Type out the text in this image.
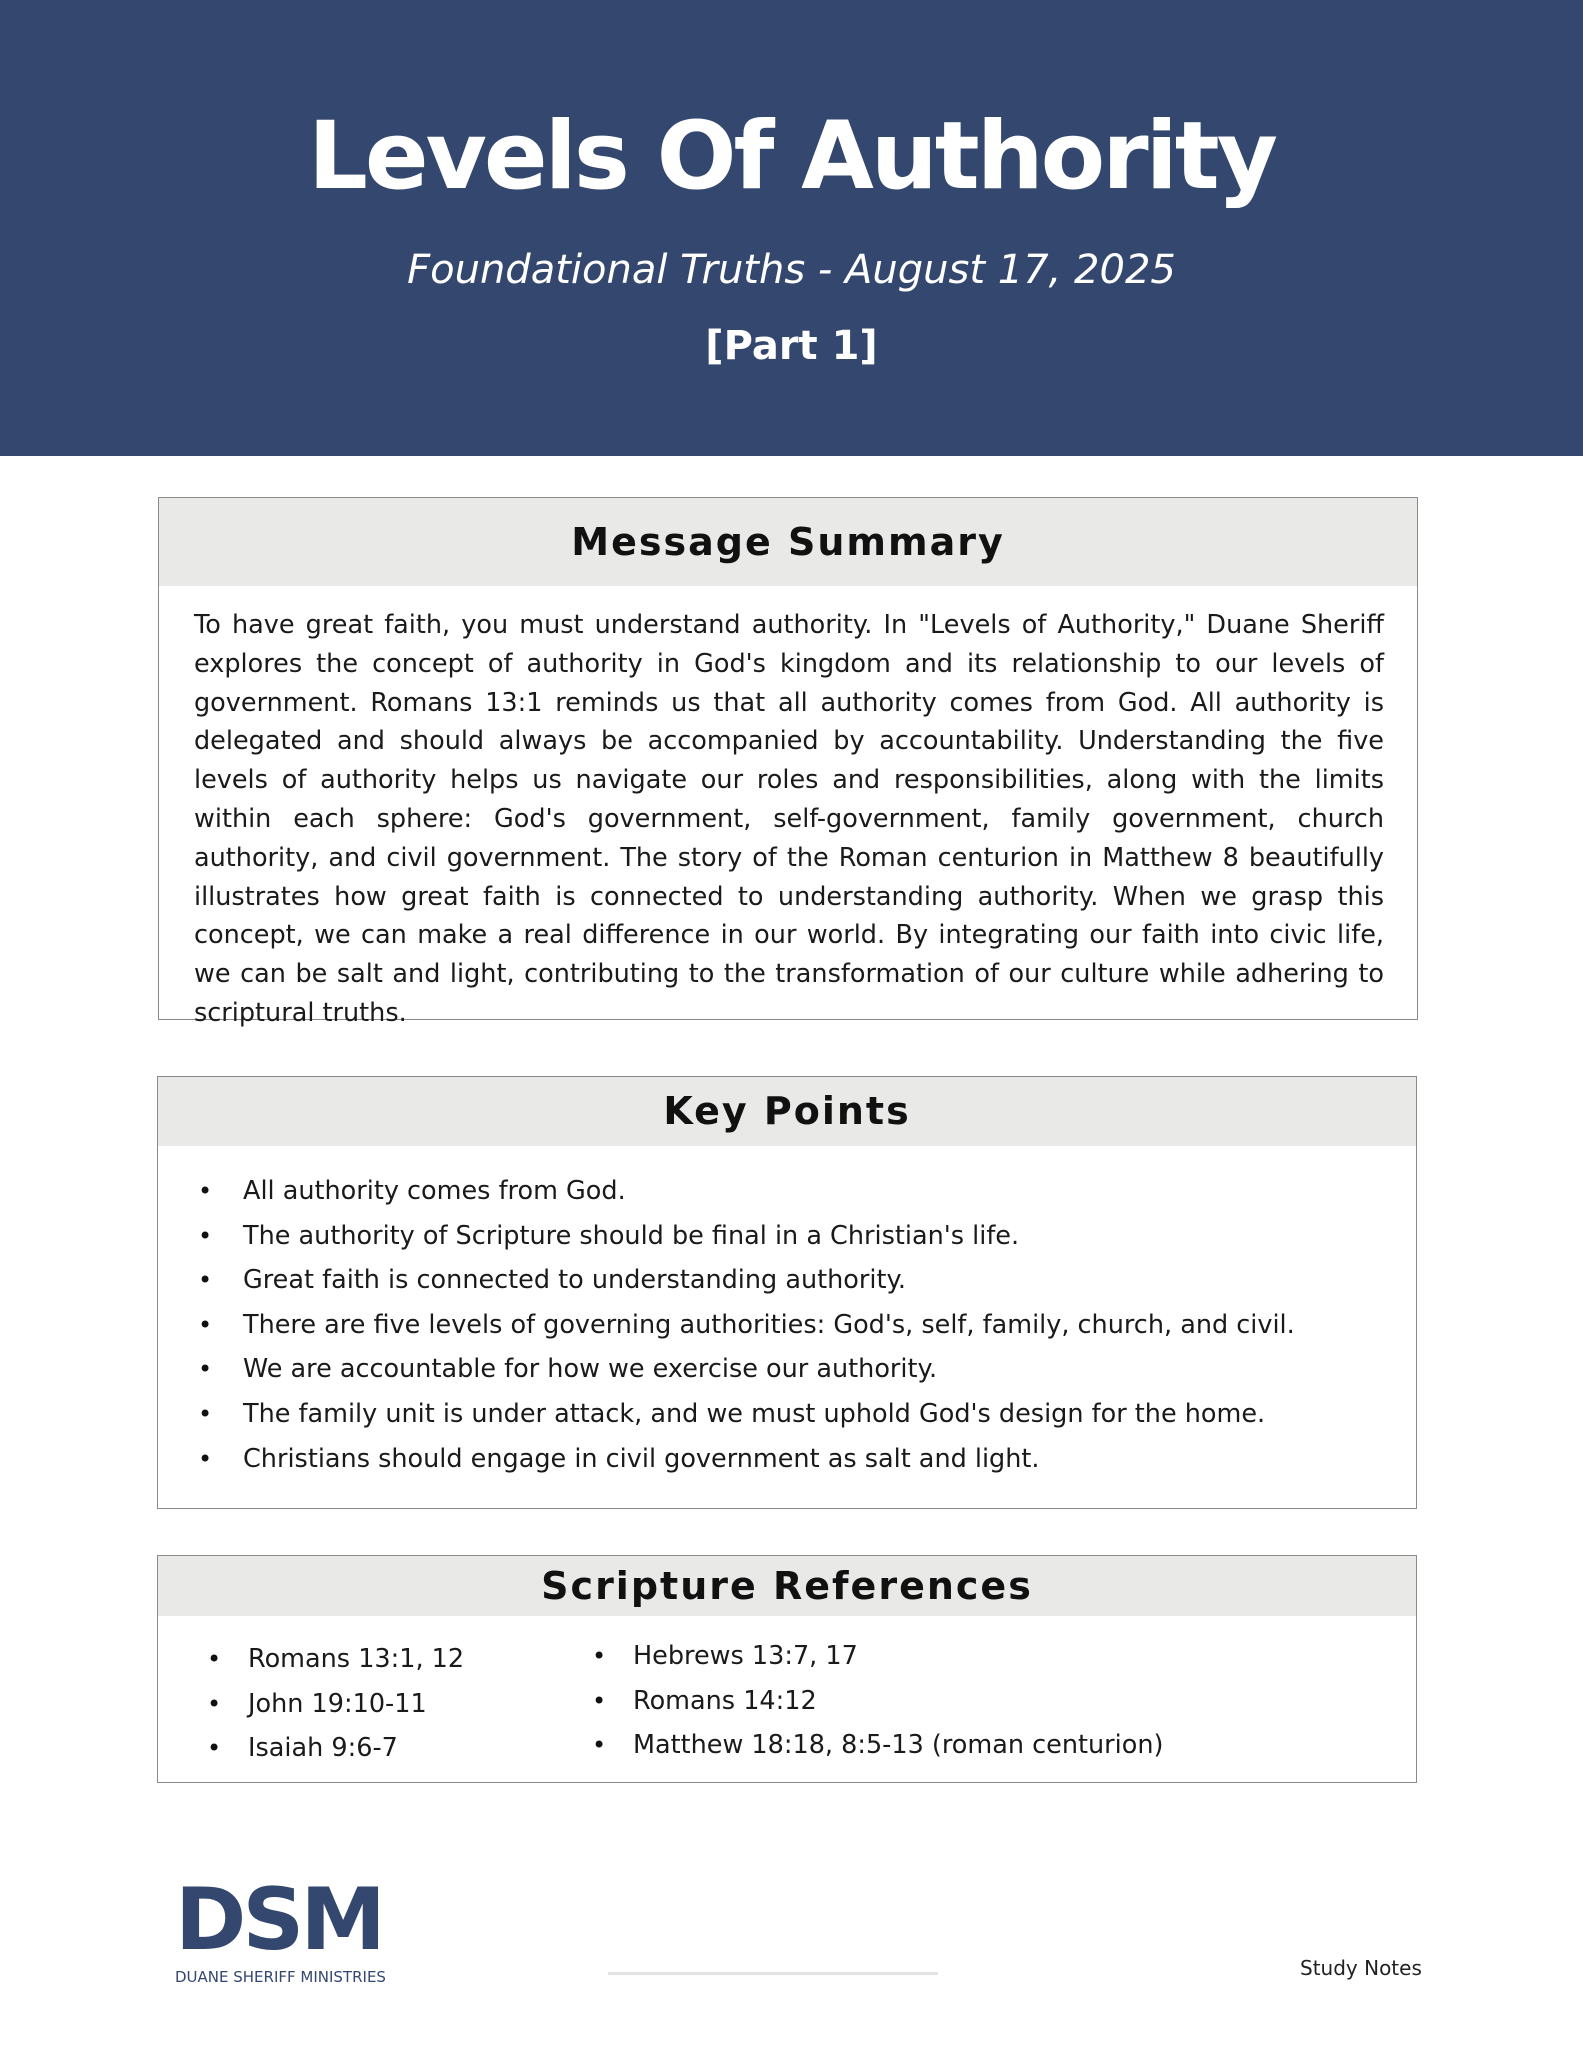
Levels Of Authority
Foundational Truths - August 17, 2025
[Part 1]
Message Summary
To have great faith, you must understand authority. In "Levels of Authority," Duane Sheriff explores the concept of authority in God's kingdom and its relationship to our levels of government. Romans 13:1 reminds us that all authority comes from God. All authority is delegated and should always be accompanied by accountability. Understanding the five levels of authority helps us navigate our roles and responsibilities, along with the limits within each sphere: God's government, self-government, family government, church authority, and civil government. The story of the Roman centurion in Matthew 8 beautifully illustrates how great faith is connected to understanding authority. When we grasp this concept, we can make a real difference in our world. By integrating our faith into civic life, we can be salt and light, contributing to the transformation of our culture while adhering to scriptural truths.
Key Points
• All authority comes from God.
• The authority of Scripture should be final in a Christian's life.
• Great faith is connected to understanding authority.
• There are five levels of governing authorities: God's, self, family, church, and civil.
• We are accountable for how we exercise our authority.
• The family unit is under attack, and we must uphold God's design for the home.
• Christians should engage in civil government as salt and light.
Scripture References
• Romans 13:1, 12
• John 19:10-11
• Isaiah 9:6-7
• Hebrews 13:7, 17
• Romans 14:12
• Matthew 18:18, 8:5-13 (roman centurion)
DSM
DUANE SHERIFF MINISTRIES	Study Notes
